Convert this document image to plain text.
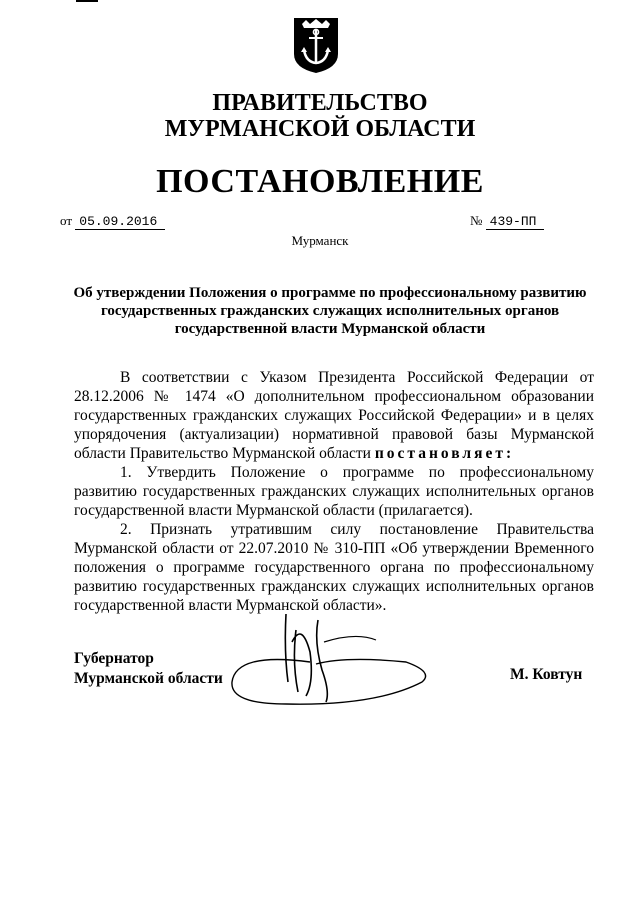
ПРАВИТЕЛЬСТВО
МУРМАНСКОЙ ОБЛАСТИ
ПОСТАНОВЛЕНИЕ
от 05.09.2016	№ 439-ПП
Мурманск
Об утверждении Положения о программе по профессиональному развитию
государственных гражданских служащих исполнительных органов
государственной власти Мурманской области

В соответствии с Указом Президента Российской Федерации от 28.12.2006 № 1474 «О дополнительном профессиональном образовании государственных гражданских служащих Российской Федерации» и в целях упорядочения (актуализации) нормативной правовой базы Мурманской области Правительство Мурманской области постановляет:

1. Утвердить Положение о программе по профессиональному развитию государственных гражданских служащих исполнительных органов государственной власти Мурманской области (прилагается).

2. Признать утратившим силу постановление Правительства Мурманской области от 22.07.2010 № 310-ПП «Об утверждении Временного положения о программе государственного органа по профессиональному развитию государственных гражданских служащих исполнительных органов государственной власти Мурманской области».

Губернатор
Мурманской области	М. Ковтун
